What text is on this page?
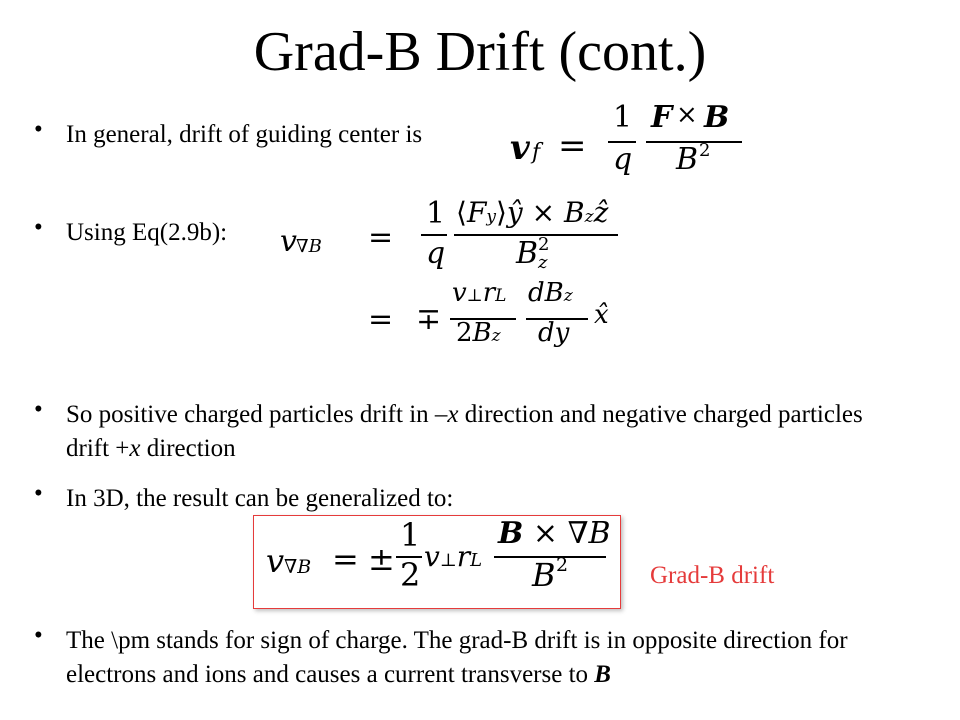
Grad-B Drift (cont.)
• In general, drift of guiding center is	v f =
1
q
F × B
B 2
• Using Eq(2.9b): v ∇B =
1
q
⟨Fy⟩ŷ × Bzẑ
B 2
z
= ∓
v⊥rL
2Bz
dBz
dy
x̂
• So positive charged particles drift in –x direction and negative charged particles drift +x direction
• In 3D, the result can be generalized to:
v ∇B = ±
1
2 v⊥rL
B × ∇B
B 2	Grad-B drift
• The \pm stands for sign of charge. The grad-B drift is in opposite direction for electrons and ions and causes a current transverse to B
